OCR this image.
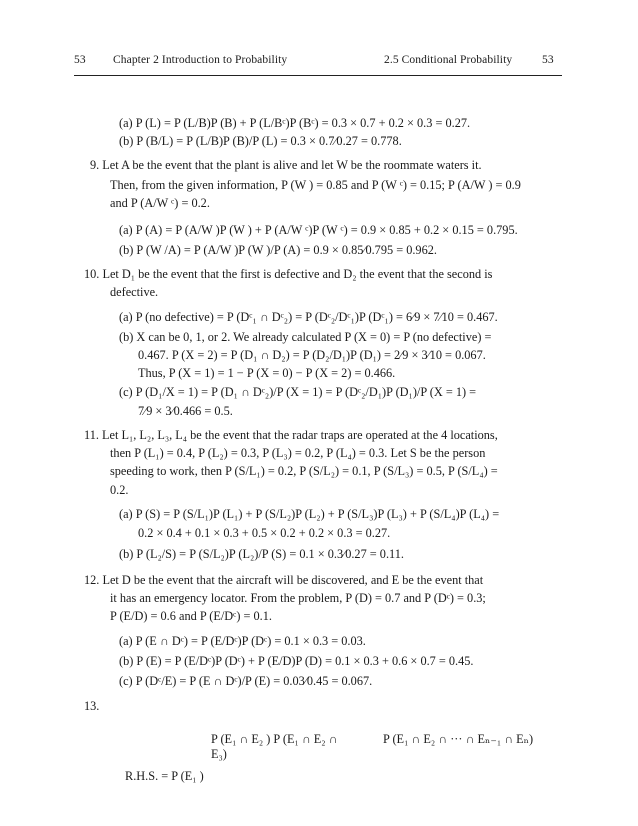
53 Chapter 2 Introduction to Probability	2.5 Conditional Probability	53
(a) P (L) = P (L/B)P (B) + P (L/Bᶜ)P (Bᶜ) = 0.3 × 0.7 + 0.2 × 0.3 = 0.27.
(b) P (B/L) = P (L/B)P (B)/P (L) = 0.3 × 0.7⁄0.27 = 0.778.
9. Let A be the event that the plant is alive and let W be the roommate waters it.
Then, from the given information, P (W ) = 0.85 and P (W ᶜ) = 0.15; P (A/W ) = 0.9
and P (A/W ᶜ) = 0.2.
(a) P (A) = P (A/W )P (W ) + P (A/W ᶜ)P (W ᶜ) = 0.9 × 0.85 + 0.2 × 0.15 = 0.795.
(b) P (W /A) = P (A/W )P (W )/P (A) = 0.9 × 0.85⁄0.795 = 0.962.
10. Let D₁ be the event that the first is defective and D₂ the event that the second is
defective.
(a) P (no defective) = P (Dᶜ₁ ∩ Dᶜ₂) = P (Dᶜ₂/Dᶜ₁)P (Dᶜ₁) = 6⁄9 × 7⁄10 = 0.467.
(b) X can be 0, 1, or 2. We already calculated P (X = 0) = P (no defective) =
0.467. P (X = 2) = P (D₁ ∩ D₂) = P (D₂/D₁)P (D₁) = 2⁄9 × 3⁄10 = 0.067.
Thus, P (X = 1) = 1 − P (X = 0) − P (X = 2) = 0.466.
(c) P (D₁/X = 1) = P (D₁ ∩ Dᶜ₂)/P (X = 1) = P (Dᶜ₂/D₁)P (D₁)/P (X = 1) =
7⁄9 × 3⁄0.466 = 0.5.
11. Let L₁, L₂, L₃, L₄ be the event that the radar traps are operated at the 4 locations,
then P (L₁) = 0.4, P (L₂) = 0.3, P (L₃) = 0.2, P (L₄) = 0.3. Let S be the person
speeding to work, then P (S/L₁) = 0.2, P (S/L₂) = 0.1, P (S/L₃) = 0.5, P (S/L₄) =
0.2.
(a) P (S) = P (S/L₁)P (L₁) + P (S/L₂)P (L₂) + P (S/L₃)P (L₃) + P (S/L₄)P (L₄) =
0.2 × 0.4 + 0.1 × 0.3 + 0.5 × 0.2 + 0.2 × 0.3 = 0.27.
(b) P (L₂/S) = P (S/L₂)P (L₂)/P (S) = 0.1 × 0.3⁄0.27 = 0.11.
12. Let D be the event that the aircraft will be discovered, and E be the event that
it has an emergency locator. From the problem, P (D) = 0.7 and P (Dᶜ) = 0.3;
P (E/D) = 0.6 and P (E/Dᶜ) = 0.1.
(a) P (E ∩ Dᶜ) = P (E/Dᶜ)P (Dᶜ) = 0.1 × 0.3 = 0.03.
(b) P (E) = P (E/Dᶜ)P (Dᶜ) + P (E/D)P (D) = 0.1 × 0.3 + 0.6 × 0.7 = 0.45.
(c) P (Dᶜ/E) = P (E ∩ Dᶜ)/P (E) = 0.03⁄0.45 = 0.067.
13.
P (E₁ ∩ E₂ ) P (E₁ ∩ E₂ ∩	P (E₁ ∩ E₂ ∩ ··· ∩ Eₙ₋₁ ∩ Eₙ)
E₃)
R.H.S. = P (E₁ )
